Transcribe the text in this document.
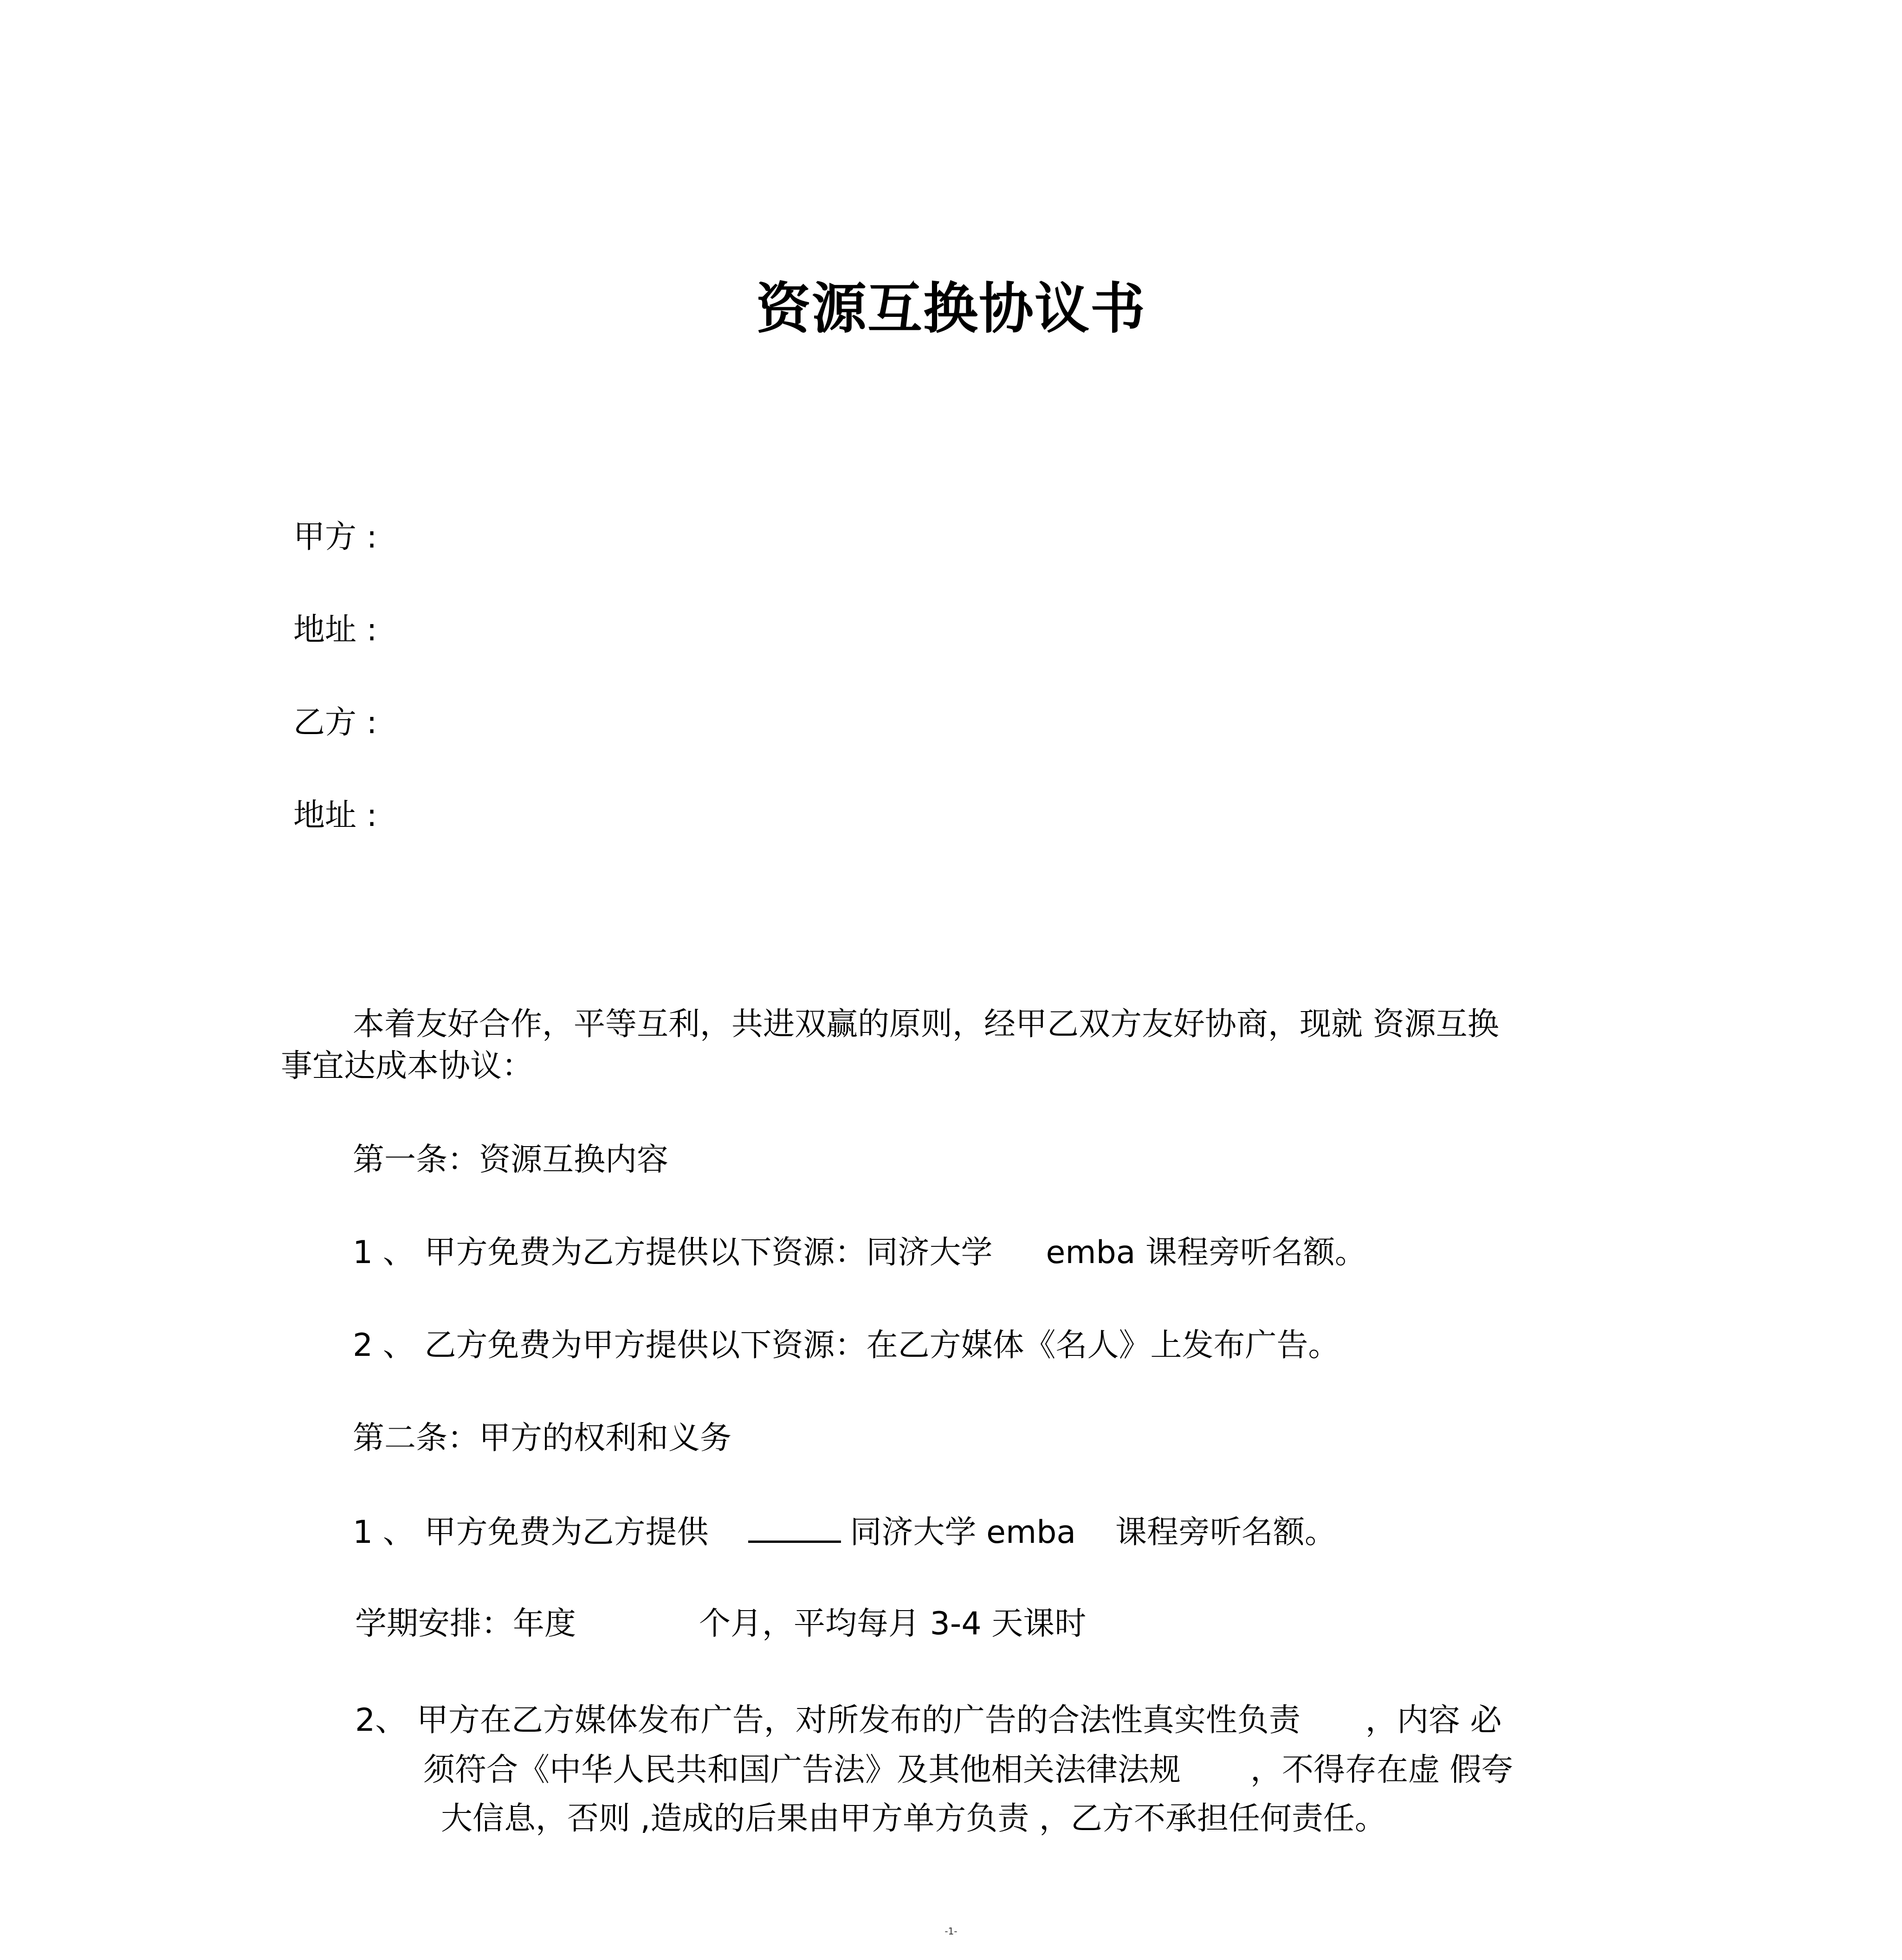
资源互换协议书
甲方 :
地址 :
乙方 :
地址 :
本着友好合作，平等互利，共进双赢的原则，经甲乙双方友好协商，现就 资源互换
事宜达成本协议：
第一条：资源互换内容
1 、 甲方免费为乙方提供以下资源：同济大学 emba 课程旁听名额。
2 、 乙方免费为甲方提供以下资源：在乙方媒体《名人》上发布广告。
第二条：甲方的权利和义务
1 、 甲方免费为乙方提供	同济大学 emba 课程旁听名额。
学期安排：年度	个月，平均每月 3-4 天课时
2、 甲方在乙方媒体发布广告，对所发布的广告的合法性真实性负责 ，内容 必
须符合《中华人民共和国广告法》及其他相关法律法规 ，不得存在虚 假夸
大信息，否则 ,造成的后果由甲方单方负责 ，乙方不承担任何责任。
-1-
